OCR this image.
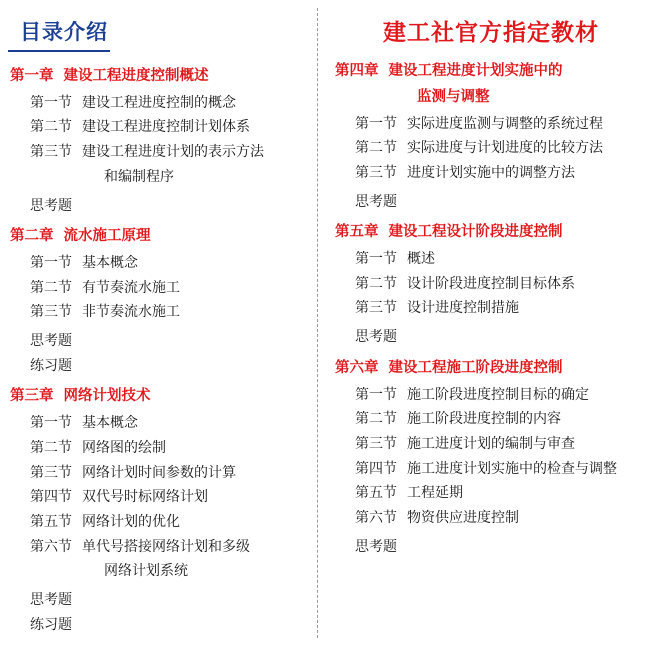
目录介绍
第一章 建设工程进度控制概述
第一节 建设工程进度控制的概念
第二节 建设工程进度控制计划体系
第三节 建设工程进度计划的表示方法
和编制程序
思考题
第二章 流水施工原理
第一节 基本概念
第二节 有节奏流水施工
第三节 非节奏流水施工
思考题
练习题
第三章 网络计划技术
第一节 基本概念
第二节 网络图的绘制
第三节 网络计划时间参数的计算
第四节 双代号时标网络计划
第五节 网络计划的优化
第六节 单代号搭接网络计划和多级
网络计划系统
思考题
练习题
建工社官方指定教材
第四章 建设工程进度计划实施中的
监测与调整
第一节 实际进度监测与调整的系统过程
第二节 实际进度与计划进度的比较方法
第三节 进度计划实施中的调整方法
思考题
第五章 建设工程设计阶段进度控制
第一节 概述
第二节 设计阶段进度控制目标体系
第三节 设计进度控制措施
思考题
第六章 建设工程施工阶段进度控制
第一节 施工阶段进度控制目标的确定
第二节 施工阶段进度控制的内容
第三节 施工进度计划的编制与审查
第四节 施工进度计划实施中的检查与调整
第五节 工程延期
第六节 物资供应进度控制
思考题
